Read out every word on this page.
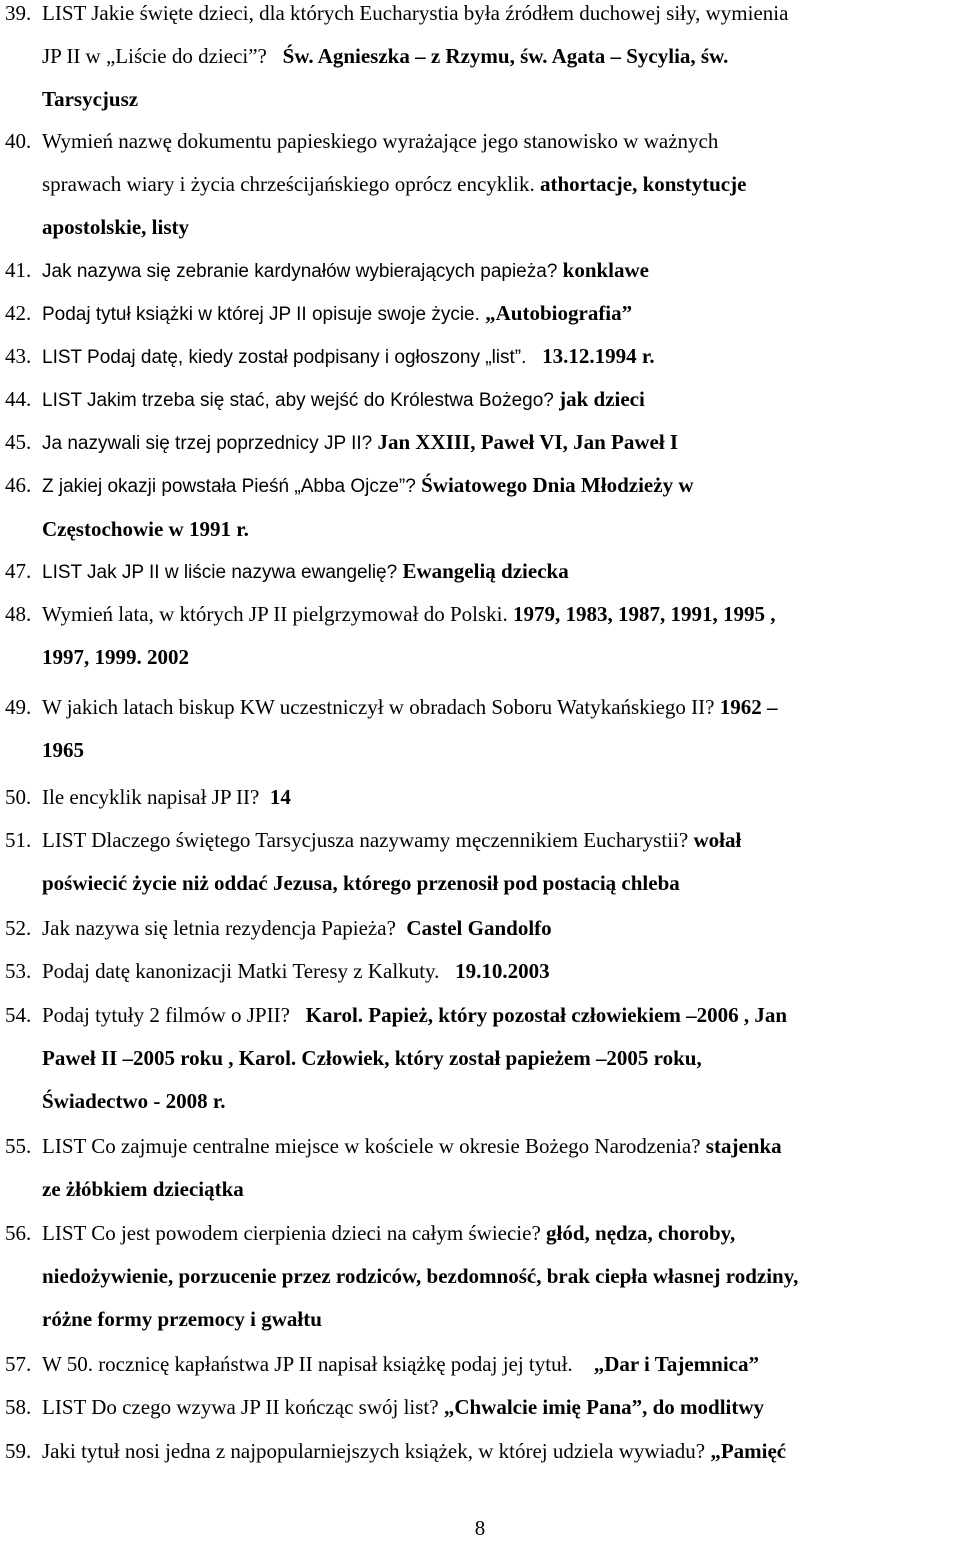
39. LIST Jakie święte dzieci, dla których Eucharystia była źródłem duchowej siły, wymienia
JP II w „Liście do dzieci”? Św. Agnieszka – z Rzymu, św. Agata – Sycylia, św.
Tarsycjusz
40. Wymień nazwę dokumentu papieskiego wyrażające jego stanowisko w ważnych
sprawach wiary i życia chrześcijańskiego oprócz encyklik. athortacje, konstytucje
apostolskie, listy
41. Jak nazywa się zebranie kardynałów wybierających papieża? konklawe
42. Podaj tytuł książki w której JP II opisuje swoje życie. „Autobiografia”
43. LIST Podaj datę, kiedy został podpisany i ogłoszony „list”. 13.12.1994 r.
44. LIST Jakim trzeba się stać, aby wejść do Królestwa Bożego? jak dzieci
45. Ja nazywali się trzej poprzednicy JP II? Jan XXIII, Paweł VI, Jan Paweł I
46. Z jakiej okazji powstała Pieśń „Abba Ojcze”? Światowego Dnia Młodzieży w
Częstochowie w 1991 r.
47. LIST Jak JP II w liście nazywa ewangelię? Ewangelią dziecka
48. Wymień lata, w których JP II pielgrzymował do Polski. 1979, 1983, 1987, 1991, 1995 ,
1997, 1999. 2002
49. W jakich latach biskup KW uczestniczył w obradach Soboru Watykańskiego II? 1962 –
1965
50. Ile encyklik napisał JP II? 14
51. LIST Dlaczego świętego Tarsycjusza nazywamy męczennikiem Eucharystii? wołał
poświecić życie niż oddać Jezusa, którego przenosił pod postacią chleba
52. Jak nazywa się letnia rezydencja Papieża? Castel Gandolfo
53. Podaj datę kanonizacji Matki Teresy z Kalkuty. 19.10.2003
54. Podaj tytuły 2 filmów o JPII? Karol. Papież, który pozostał człowiekiem –2006 , Jan
Paweł II –2005 roku , Karol. Człowiek, który został papieżem –2005 roku,
Świadectwo - 2008 r.
55. LIST Co zajmuje centralne miejsce w kościele w okresie Bożego Narodzenia? stajenka
ze żłóbkiem dzieciątka
56. LIST Co jest powodem cierpienia dzieci na całym świecie? głód, nędza, choroby,
niedożywienie, porzucenie przez rodziców, bezdomność, brak ciepła własnej rodziny,
różne formy przemocy i gwałtu
57. W 50. rocznicę kapłaństwa JP II napisał książkę podaj jej tytuł. „Dar i Tajemnica”
58. LIST Do czego wzywa JP II kończąc swój list? „Chwalcie imię Pana”, do modlitwy
59. Jaki tytuł nosi jedna z najpopularniejszych książek, w której udziela wywiadu? „Pamięć
8
